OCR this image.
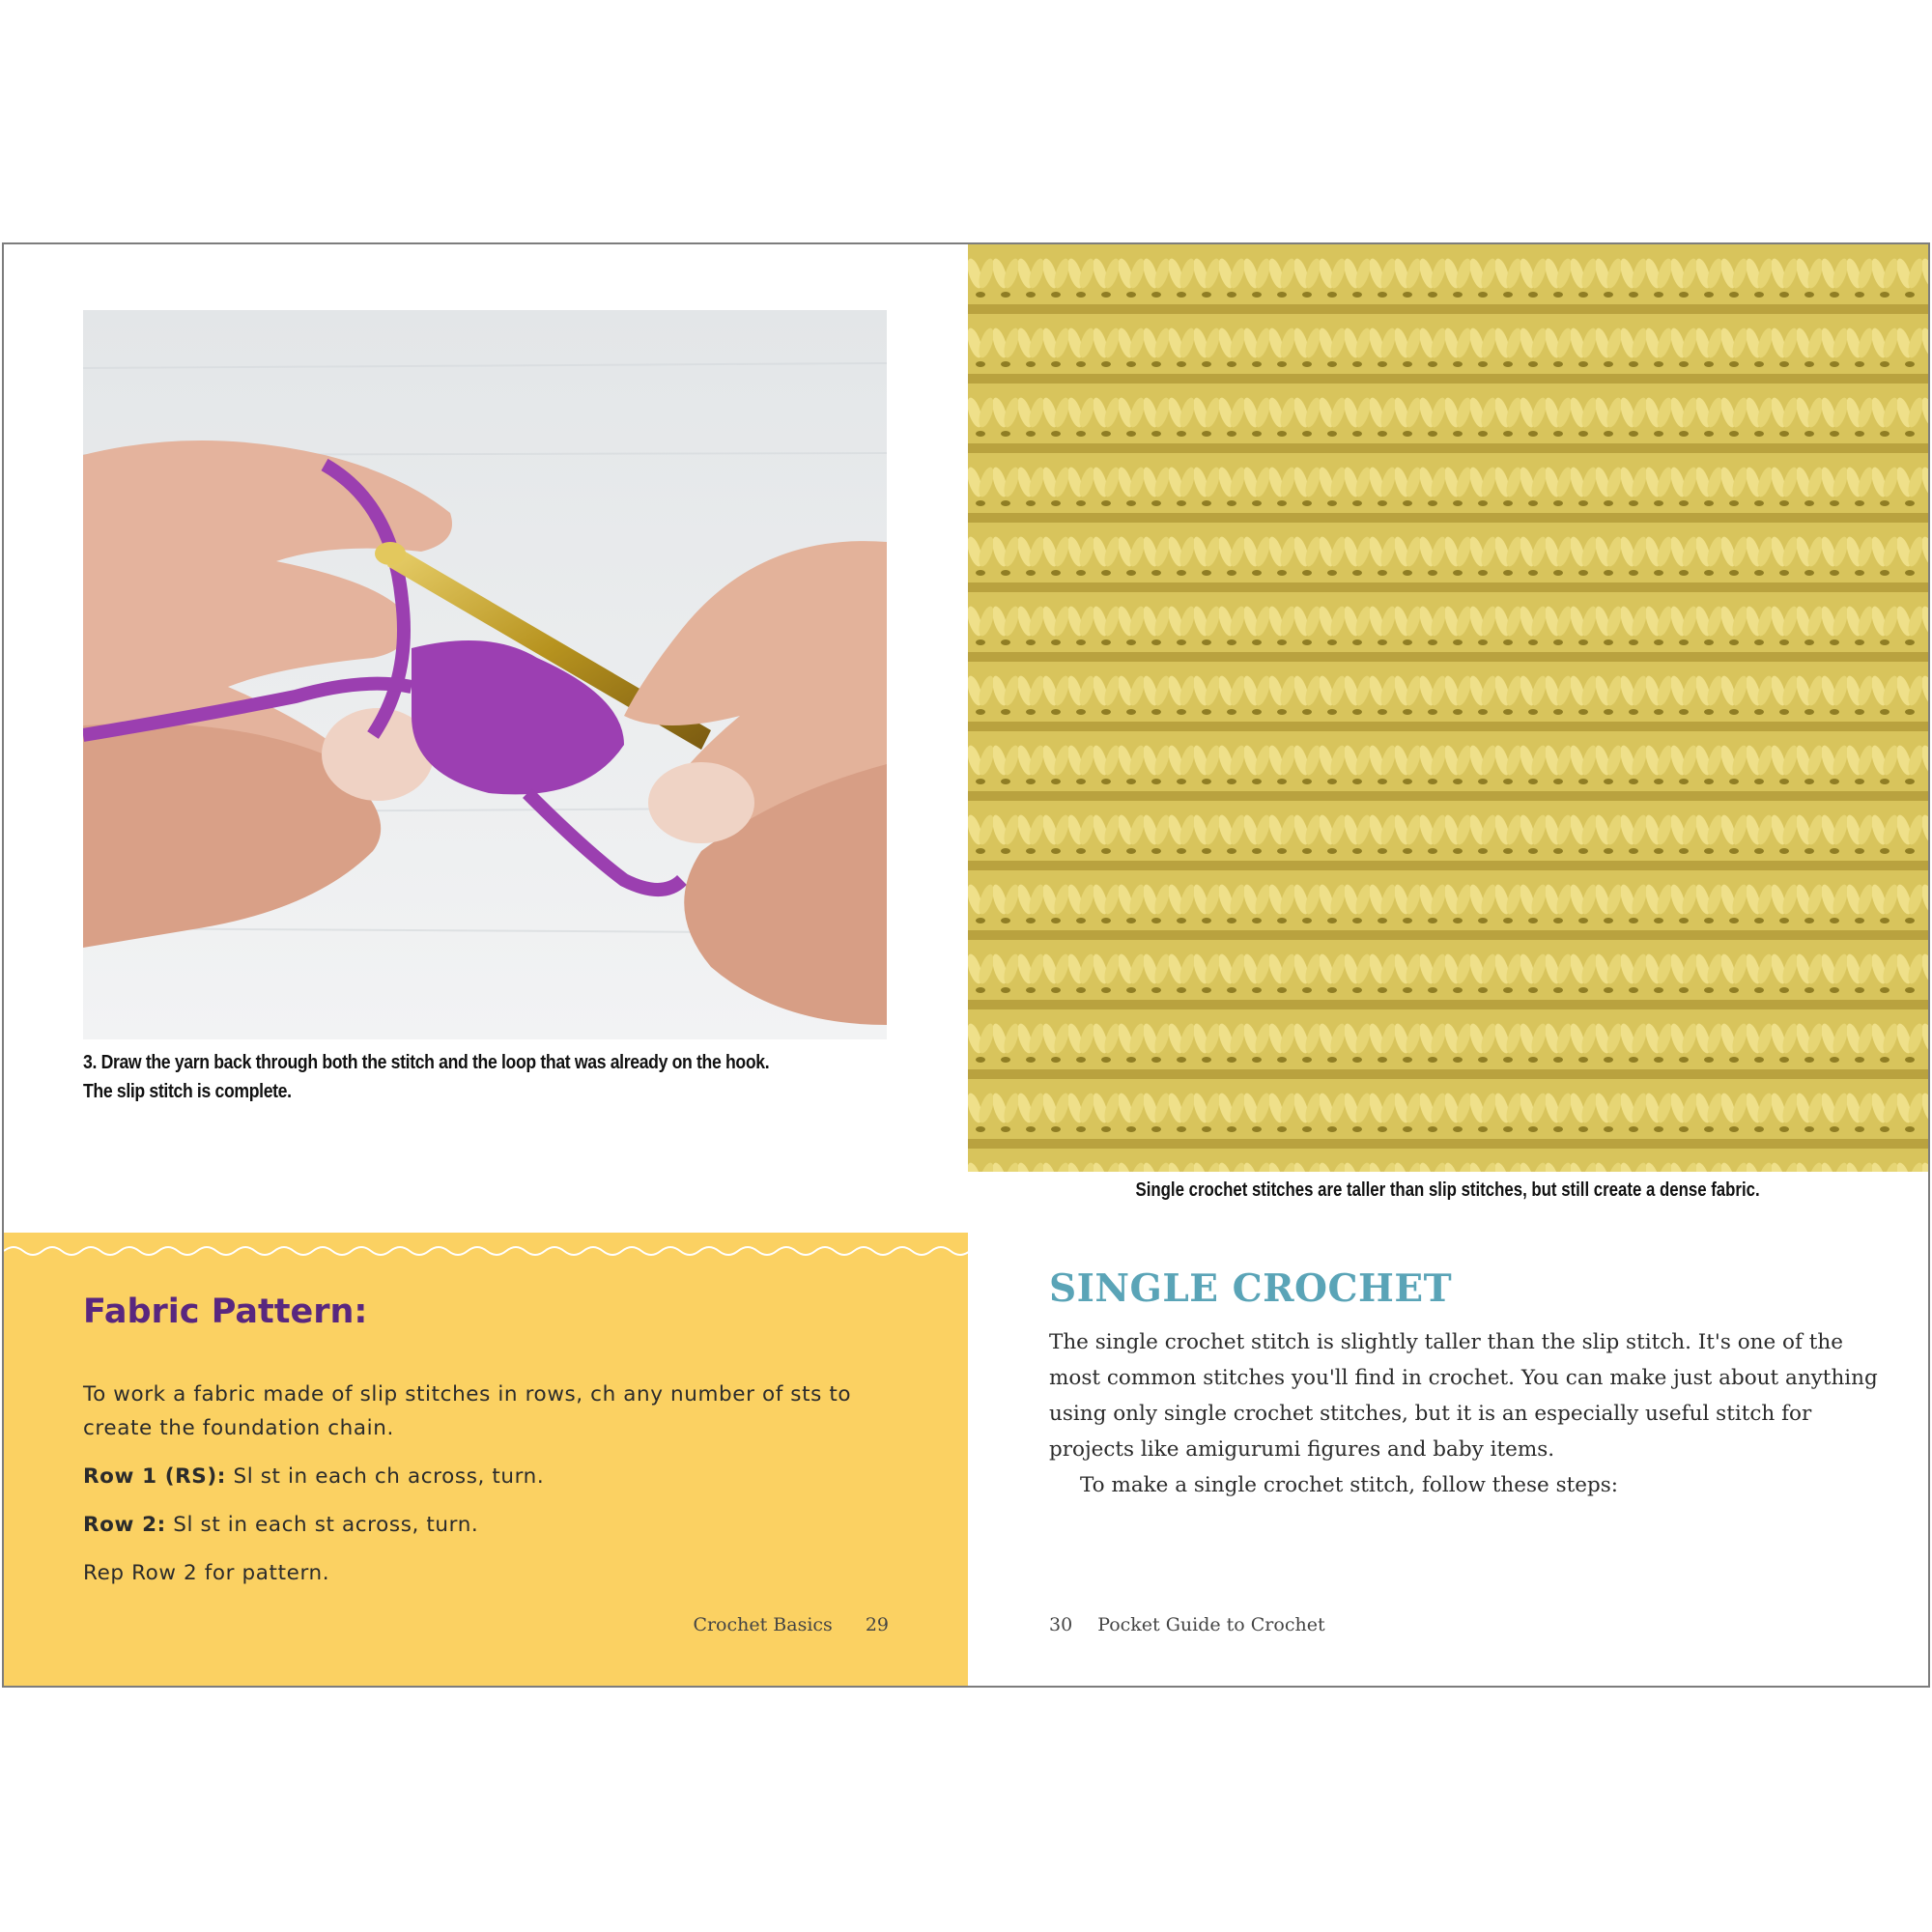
3. Draw the yarn back through both the stitch and the loop that was already on the hook.
The slip stitch is complete.
Fabric Pattern:

To work a fabric made of slip stitches in rows, ch any number of sts to create the foundation chain.

Row 1 (RS): Sl st in each ch across, turn.

Row 2: Sl st in each st across, turn.

Rep Row 2 for pattern.

Crochet Basics 29
Single crochet stitches are taller than slip stitches, but still create a dense fabric.
SINGLE CROCHET

The single crochet stitch is slightly taller than the slip stitch. It's one of the most common stitches you'll find in crochet. You can make just about anything using only single crochet stitches, but it is an especially useful stitch for projects like amigurumi figures and baby items.

To make a single crochet stitch, follow these steps:

30 Pocket Guide to Crochet
